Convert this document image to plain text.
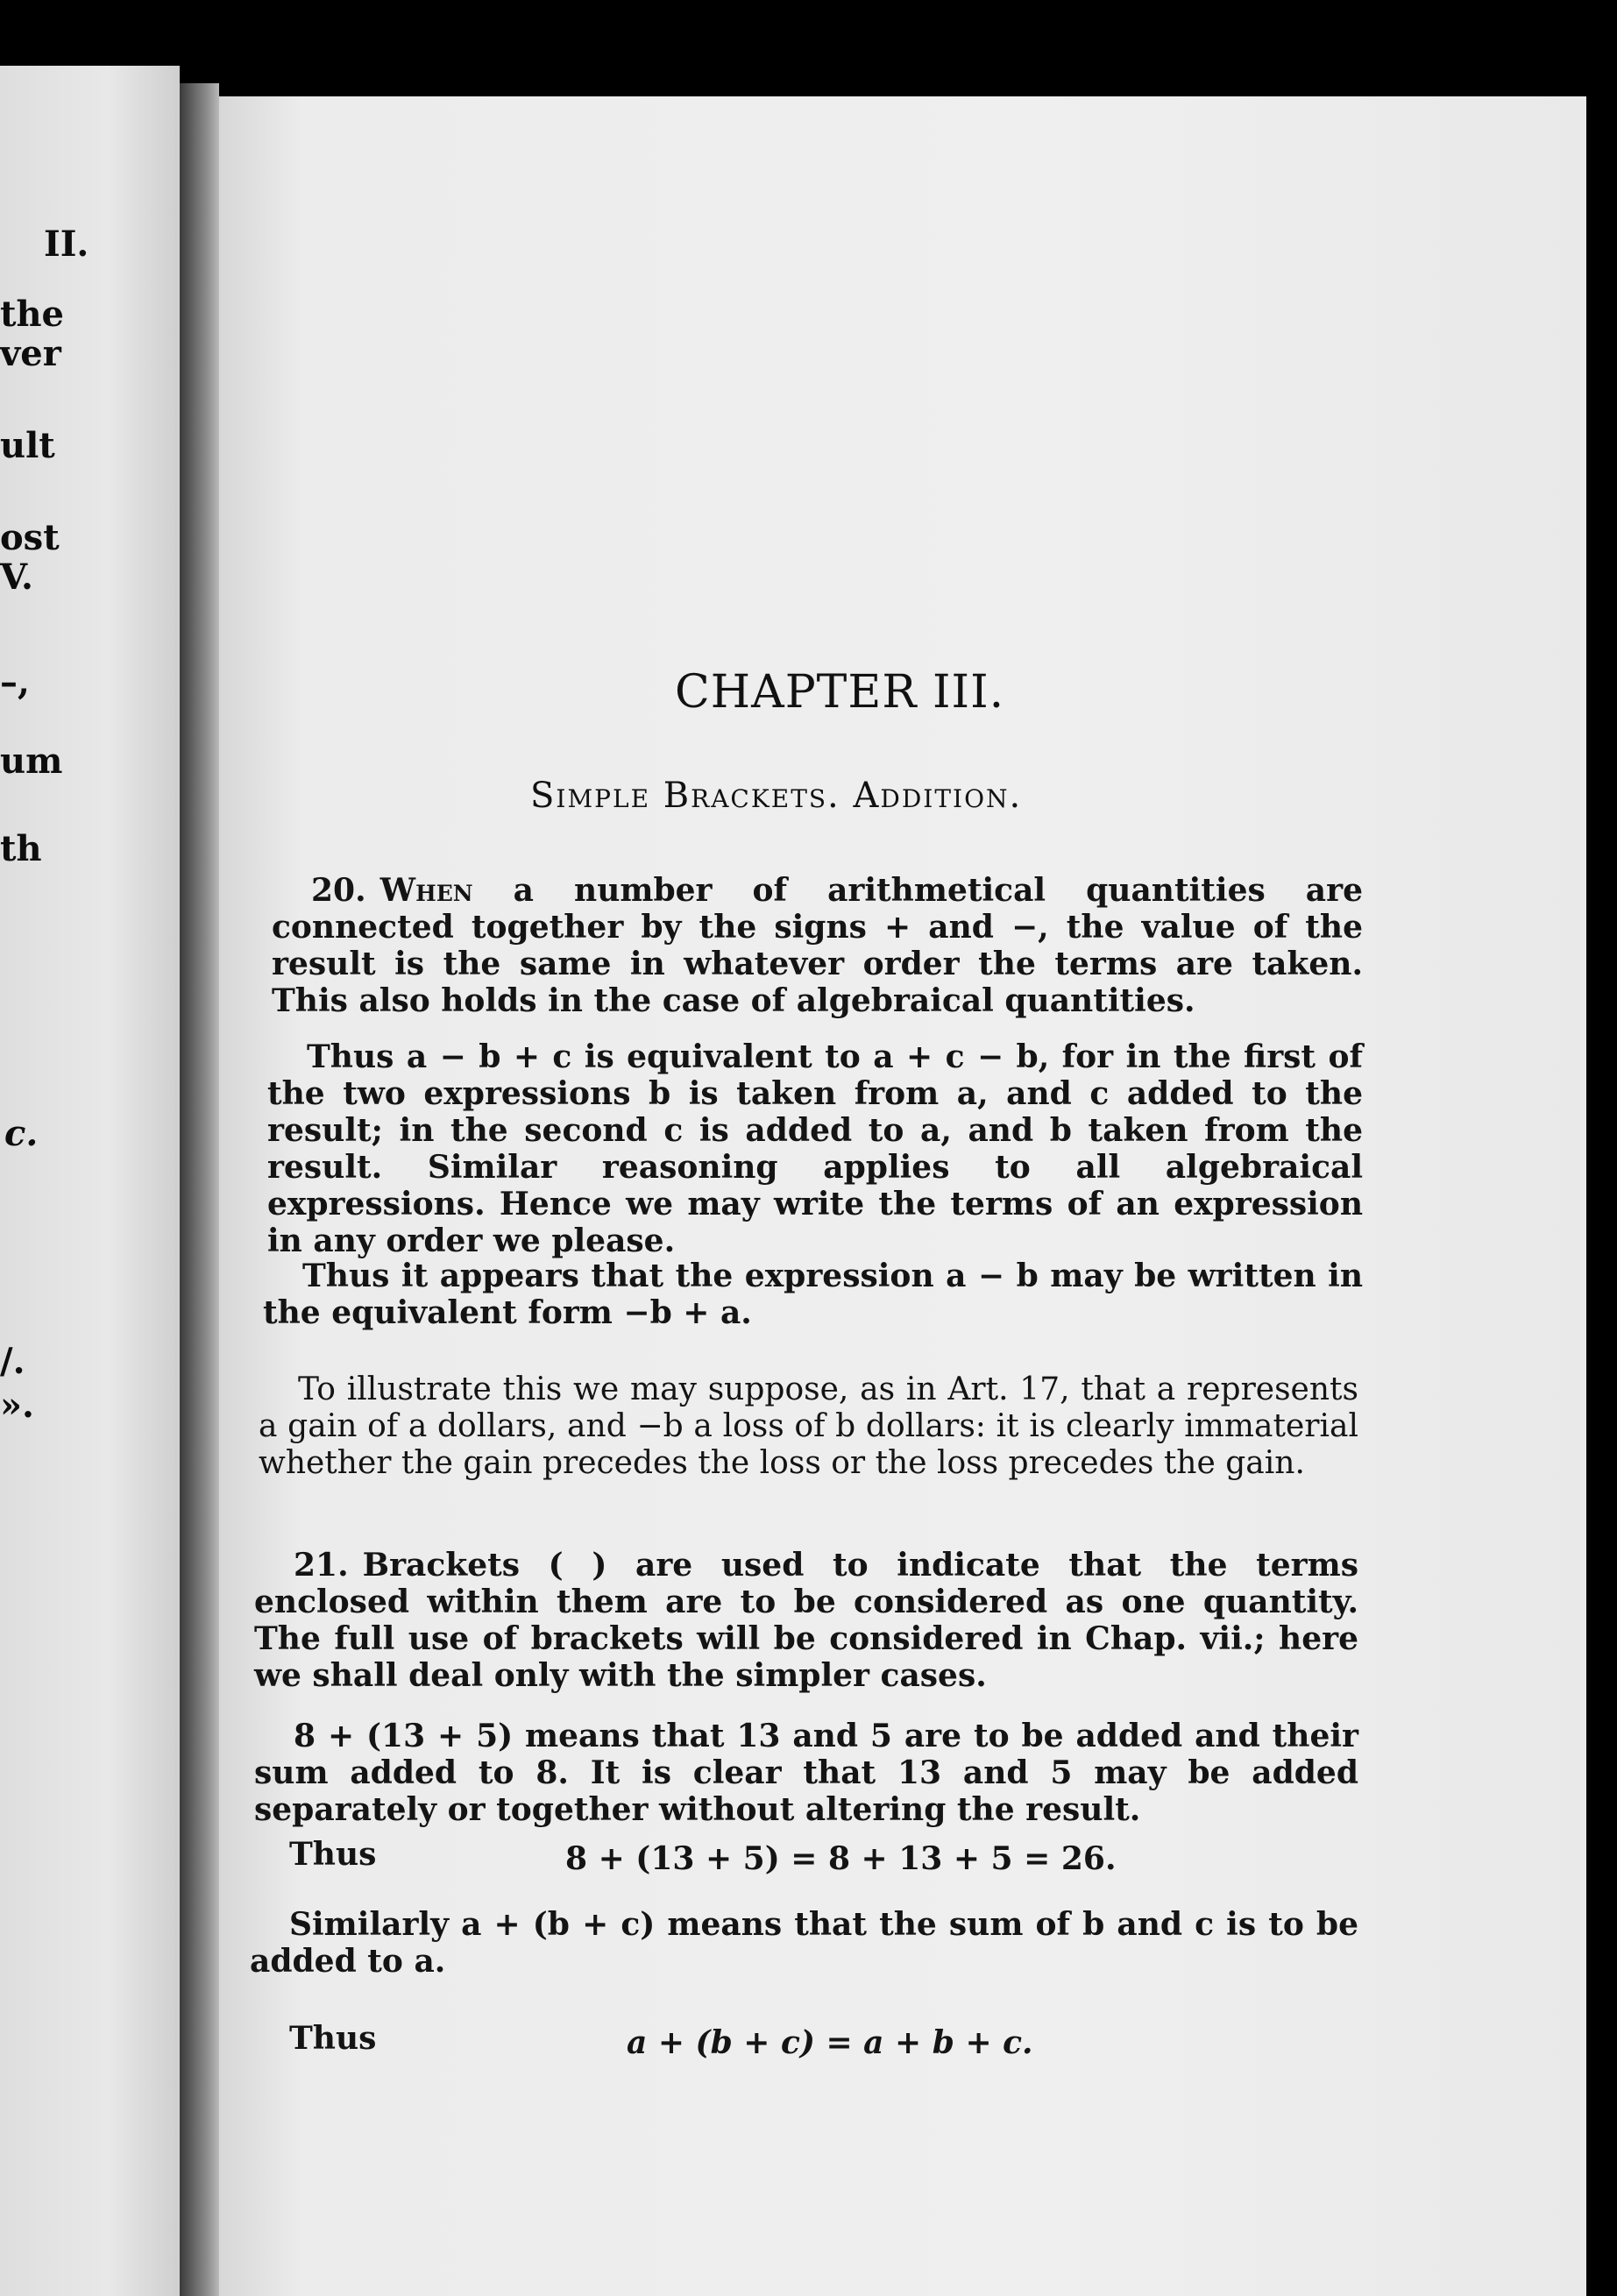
II.

the

ver

ult

ost

V.

–,

um

th

c.

/.

».

CHAPTER III.
Simple Brackets. Addition.

20. When a number of arithmetical quantities are connected together by the signs + and −, the value of the result is the same in whatever order the terms are taken. This also holds in the case of algebraical quantities.

Thus a − b + c is equivalent to a + c − b, for in the first of the two expressions b is taken from a, and c added to the result; in the second c is added to a, and b taken from the result. Similar reasoning applies to all algebraical expressions. Hence we may write the terms of an expression in any order we please.

Thus it appears that the expression a − b may be written in the equivalent form −b + a.

To illustrate this we may suppose, as in Art. 17, that a represents a gain of a dollars, and −b a loss of b dollars: it is clearly immaterial whether the gain precedes the loss or the loss precedes the gain.

21. Brackets ( ) are used to indicate that the terms enclosed within them are to be considered as one quantity. The full use of brackets will be considered in Chap. vii.; here we shall deal only with the simpler cases.

8 + (13 + 5) means that 13 and 5 are to be added and their sum added to 8. It is clear that 13 and 5 may be added separately or together without altering the result.

Thus	8 + (13 + 5) = 8 + 13 + 5 = 26.

Similarly a + (b + c) means that the sum of b and c is to be added to a.

Thus	a + (b + c) = a + b + c.
